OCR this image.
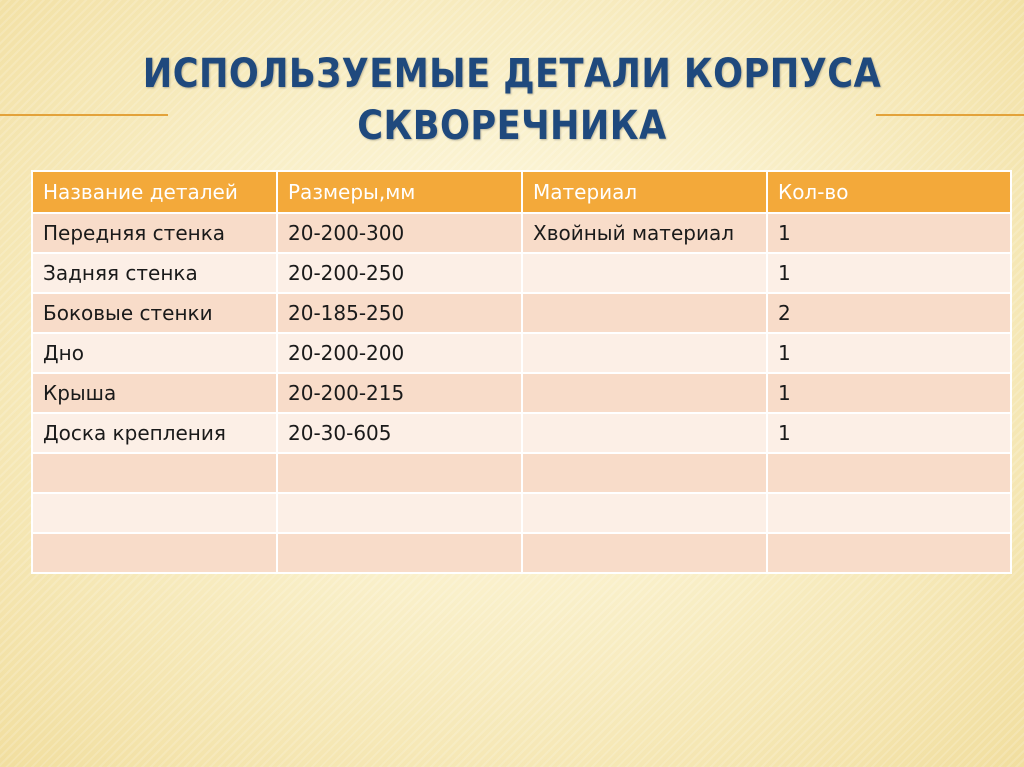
ИСПОЛЬЗУЕМЫЕ ДЕТАЛИ КОРПУСА
СКВОРЕЧНИКА
Название деталей	Размеры,мм	Материал	Кол-во
Передняя стенка	20-200-300	Хвойный материал	1
Задняя стенка	20-200-250		1
Боковые стенки	20-185-250		2
Дно	20-200-200		1
Крыша	20-200-215		1
Доска крепления	20-30-605		1
